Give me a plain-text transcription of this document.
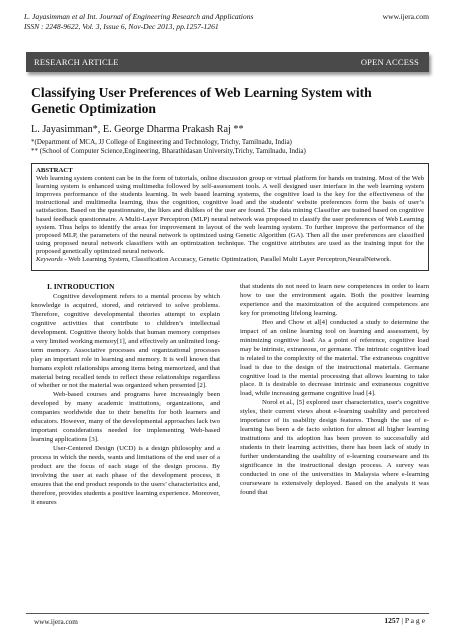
L. Jayasimman et al Int. Journal of Engineering Research and Applications
ISSN : 2248-9622, Vol. 3, Issue 6, Nov-Dec 2013, pp.1257-1261
www.ijera.com
RESEARCH ARTICLE	OPEN ACCESS
Classifying User Preferences of Web Learning System with Genetic Optimization
L. Jayasimman*, E. George Dharma Prakash Raj **
*(Department of MCA, JJ College of Engineering and Technology, Trichy, Tamilnadu, India)
** (School of Computer Science,Engineering, Bharathidasan University,Trichy, Tamilnadu, India)
ABSTRACT
Web learning system content can be in the form of tutorials, online discussion group or virtual platform for hands on training. Most of the Web learning system is enhanced using multimedia followed by self-assessment tools. A well designed user interface in the web learning system improves performance of the students learning. In web based learning systems, the cognitive load is the key for the effectiveness of the instructional and multimedia learning, thus the cognition, cognitive load and the students' website preferences form the basis of user’s satisfaction. Based on the questionnaire, the likes and dislikes of the user are found. The data mining Classifier are trained based on cognitive based feedback questionnaire. A Multi-Layer Perceptron (MLP) neural network was proposed to classify the user preferences of Web Learning system. Thus helps to identify the areas for improvement in layout of the web learning system. To further improve the performance of the proposed MLP, the parameters of the neural network is optimized using Genetic Algorithm (GA). Then all the user preferences are classified using proposed neural network classifiers with an optimization technique. The cognitive attributes are used as the training input for the proposed genetically optimized neural network.
Keywords - Web Learning System, Classification Accuracy, Genetic Optimization, Parallel Multi Layer Perceptron,NeuralNetwork.
I. INTRODUCTION

Cognitive development refers to a mental process by which knowledge is acquired, stored, and retrieved to solve problems. Therefore, cognitive developmental theories attempt to explain cognitive activities that contribute to children’s intellectual development. Cognitive theory holds that human memory comprises a very limited working memory[1], and effectively an unlimited long-term memory. Associative processes and organizational processes play an important role in learning and memory. It is well known that humans exploit relationships among items being memorized, and that material being recalled tends to reflect these relationships regardless of whether or not the material was organized when presented [2].

Web-based courses and programs have increasingly been developed by many academic institutions, organizations, and companies worldwide due to their benefits for both learners and educators. However, many of the developmental approaches lack two important considerations needed for implementing Web-based learning applications [3].

User-Centered Design (UCD) is a design philosophy and a process in which the needs, wants and limitations of the end user of a product are the focus of each stage of the design process. By involving the user at each phase of the development process, it ensures that the end product responds to the users’ characteristics and, therefore, provides students a positive learning experience. Moreover, it ensures

that students do not need to learn new competences in order to learn how to use the environment again. Both the positive learning experience and the maximization of the acquired competences are key for promoting lifelong learning.

Heo and Chow et al[4] conducted a study to determine the impact of an online learning tool on learning and assessment, by minimizing cognitive load. As a point of reference, cognitive load may be intrinsic, extraneous, or germane. The intrinsic cognitive load is related to the complexity of the material. The extraneous cognitive load is due to the design of the instructional materials. Germane cognitive load is the mental processing that allows learning to take place. It is desirable to decrease intrinsic and extraneous cognitive load, while increasing germane cognitive load [4].

Norol et al., [5] explored user characteristics, user's cognitive styles, their current views about e-learning usability and perceived importance of its usability design features. Though the use of e-learning has been a de facto solution for almost all higher learning institutions and its adoption has been proven to successfully aid students in their learning activities, there has been lack of study in further understanding the usability of e-learning courseware and its significance in the instructional design process. A survey was conducted in one of the universities in Malaysia where e-learning courseware is extensively deployed. Based on the analysis it was found that

www.ijera.com	1257 | P a g e
